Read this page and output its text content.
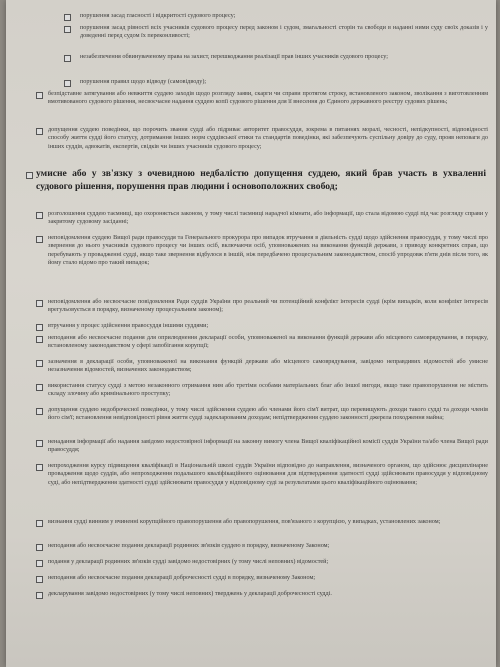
порушення засад гласності і відкритості судового процесу;
порушення засад рівності всіх учасників судового процесу перед законом і судом, змагальності сторін та свободи в наданні ними суду своїх доказів і у доведенні перед судом їх переконливості;
незабезпечення обвинуваченому права на захист, перешкоджання реалізації прав інших учасників судового процесу;
порушення правил щодо відводу (самовідводу);
безпідставне затягування або невжиття суддею заходів щодо розгляду заяви, скарги чи справи протягом строку, встановленого законом, зволікання з виготовленням вмотивованого судового рішення, несвоєчасне надання суддею копії судового рішення для її внесення до Єдиного державного реєстру судових рішень;
допущення суддею поведінки, що порочить звання судді або підриває авторитет правосуддя, зокрема в питаннях моралі, чесності, непідкупності, відповідності способу життя судді його статусу, дотримання інших норм суддівської етики та стандартів поведінки, які забезпечують суспільну довіру до суду, прояв неповаги до інших суддів, адвокатів, експертів, свідків чи інших учасників судового процесу;
умисне або у зв'язку з очевидною недбалістю допущення суддею, який брав участь в ухваленні судового рішення, порушення прав людини і основоположних свобод;
розголошення суддею таємниці, що охороняється законом, у тому числі таємниці нарадчої кімнати, або інформації, що стала відомою судді під час розгляду справи у закритому судовому засіданні;
неповідомлення суддею Вищої ради правосуддя та Генерального прокурора про випадок втручання в діяльність судді щодо здійснення правосуддя, у тому числі про звернення до нього учасників судового процесу чи інших осіб, включаючи осіб, уповноважених на виконання функцій держави, з приводу конкретних справ, що перебувають у провадженні судді, якщо таке звернення відбулося в іншій, ніж передбачено процесуальним законодавством, спосіб упродовж п'яти днів після того, як йому стало відомо про такий випадок;
неповідомлення або несвоєчасне повідомлення Ради суддів України про реальний чи потенційний конфлікт інтересів судді (крім випадків, коли конфлікт інтересів врегульовується в порядку, визначеному процесуальним законом);
втручання у процес здійснення правосуддя іншими суддями;
неподання або несвоєчасне подання для оприлюднення декларації особи, уповноваженої на виконання функцій держави або місцевого самоврядування, в порядку, встановленому законодавством у сфері запобігання корупції;
зазначення в декларації особи, уповноваженої на виконання функцій держави або місцевого самоврядування, завідомо неправдивих відомостей або умисне незазначення відомостей, визначених законодавством;
використання статусу судді з метою незаконного отримання ним або третіми особами матеріальних благ або іншої вигоди, якщо таке правопорушення не містить складу злочину або кримінального проступку;
допущення суддею недоброчесної поведінки, у тому числі здійснення суддею або членами його сім'ї витрат, що перевищують доходи такого судді та доходи членів його сім'ї; встановлення невідповідності рівня життя судді задекларованим доходам; непідтвердження суддею законності джерела походження майна;
ненадання інформації або надання завідомо недостовірної інформації на законну вимогу члена Вищої кваліфікаційної комісії суддів України та/або члена Вищої ради правосуддя;
непроходження курсу підвищення кваліфікації в Національній школі суддів України відповідно до направлення, визначеного органом, що здійснює дисциплінарне провадження щодо суддів, або непроходження подальшого кваліфікаційного оцінювання для підтвердження здатності судді здійснювати правосуддя у відповідному суді, або непідтвердження здатності судді здійснювати правосуддя у відповідному суді за результатами цього кваліфікаційного оцінювання;
визнання судді винним у вчиненні корупційного правопорушення або правопорушення, пов'язаного з корупцією, у випадках, установлених законом;
неподання або несвоєчасне подання декларації родинних зв'язків суддею в порядку, визначеному Законом;
подання у декларації родинних зв'язків судді завідомо недостовірних (у тому числі неповних) відомостей;
неподання або несвоєчасне подання декларації доброчесності судді в порядку, визначеному Законом;
декларування завідомо недостовірних (у тому числі неповних) тверджень у декларації доброчесності судді.
